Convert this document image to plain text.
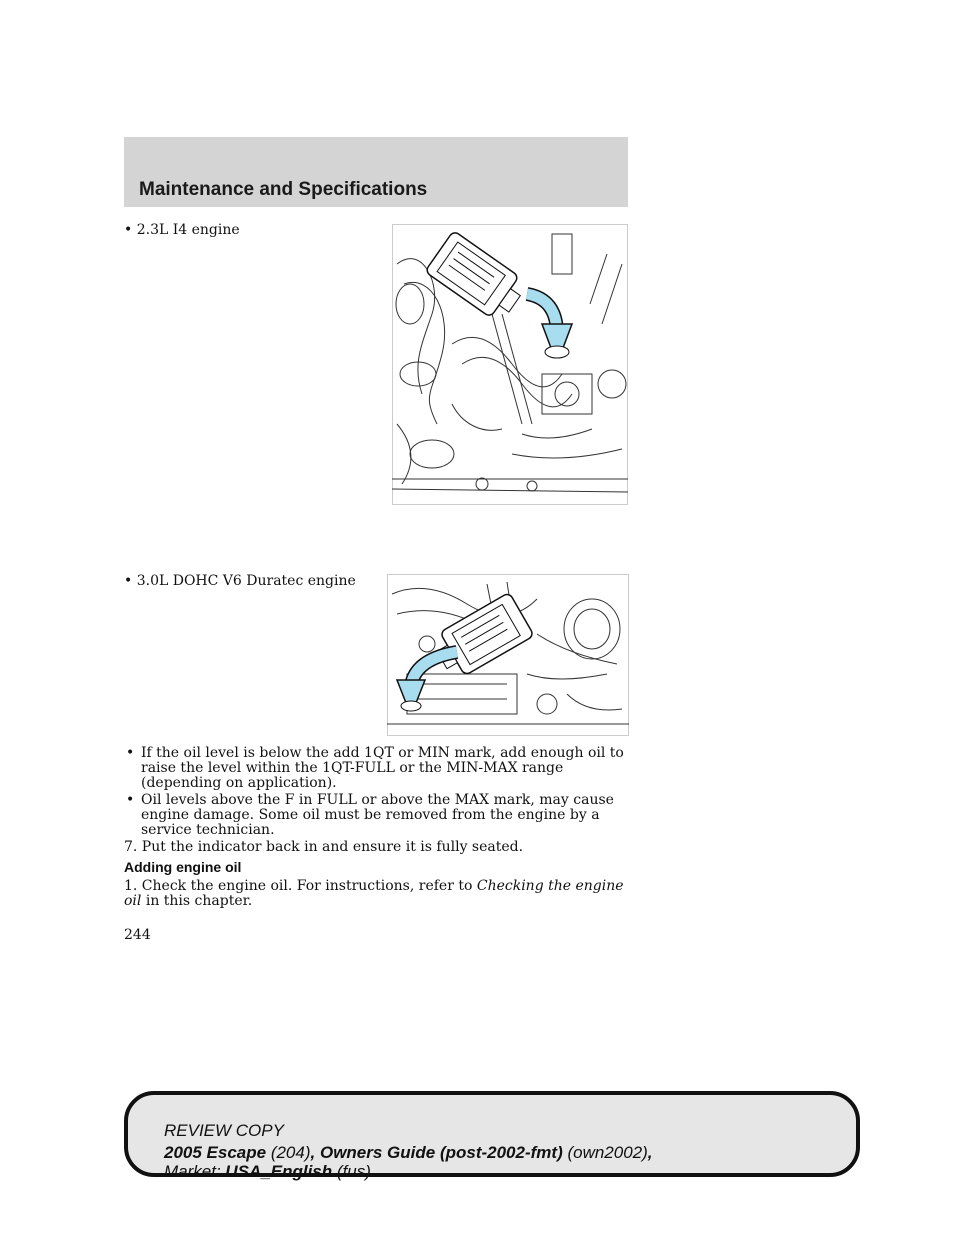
Maintenance and Specifications
• 2.3L I4 engine
• 3.0L DOHC V6 Duratec engine
• If the oil level is below the add 1QT or MIN mark, add enough oil to raise the level within the 1QT-FULL or the MIN-MAX range (depending on application).
• Oil levels above the F in FULL or above the MAX mark, may cause engine damage. Some oil must be removed from the engine by a service technician.
7. Put the indicator back in and ensure it is fully seated.
Adding engine oil
1. Check the engine oil. For instructions, refer to Checking the engine oil in this chapter.
244
REVIEW COPY
2005 Escape (204), Owners Guide (post-2002-fmt) (own2002),
Market: USA_English (fus)
